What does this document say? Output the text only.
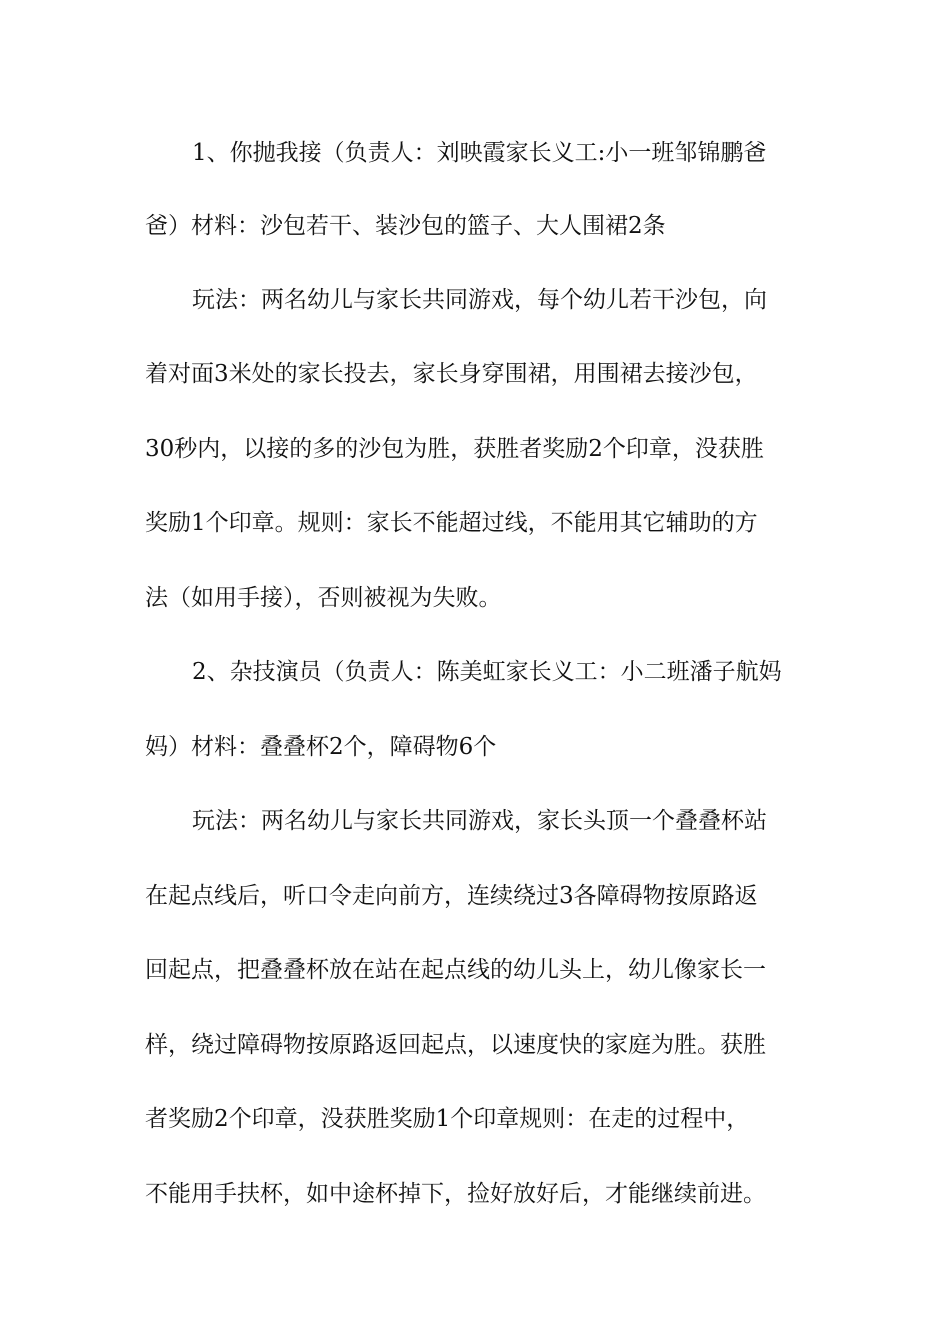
1、你抛我接（负责人：刘映霞家长义工:小一班邹锦鹏爸
爸）材料：沙包若干、装沙包的篮子、大人围裙2条
玩法：两名幼儿与家长共同游戏，每个幼儿若干沙包，向
着对面3米处的家长投去，家长身穿围裙，用围裙去接沙包，
30秒内，以接的多的沙包为胜，获胜者奖励2个印章，没获胜
奖励1个印章。规则：家长不能超过线，不能用其它辅助的方
法（如用手接），否则被视为失败。
2、杂技演员（负责人：陈美虹家长义工：小二班潘子航妈
妈）材料：叠叠杯2个，障碍物6个
玩法：两名幼儿与家长共同游戏，家长头顶一个叠叠杯站
在起点线后，听口令走向前方，连续绕过3各障碍物按原路返
回起点，把叠叠杯放在站在起点线的幼儿头上，幼儿像家长一
样，绕过障碍物按原路返回起点，以速度快的家庭为胜。获胜
者奖励2个印章，没获胜奖励1个印章规则：在走的过程中，
不能用手扶杯，如中途杯掉下，捡好放好后，才能继续前进。
